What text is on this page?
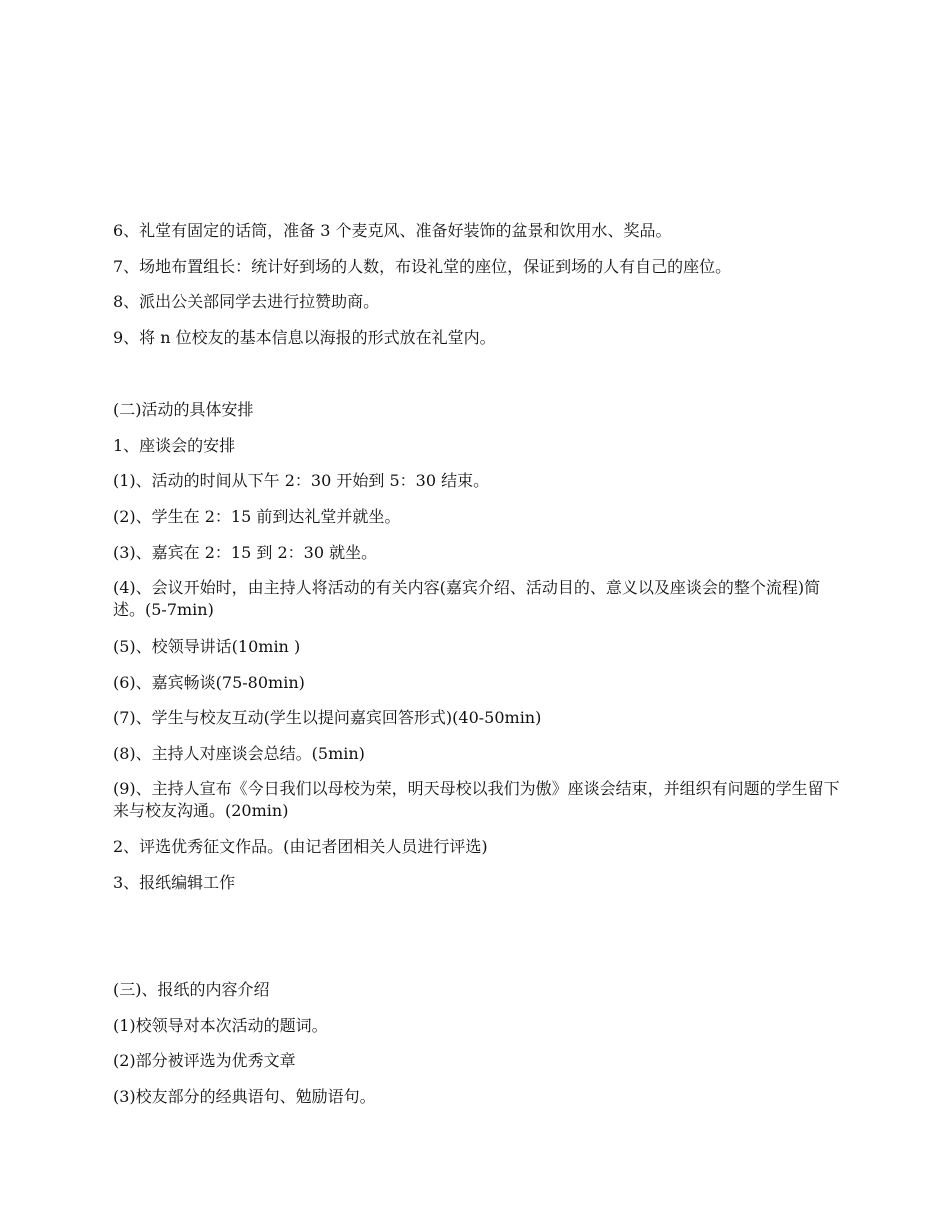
6、礼堂有固定的话筒，准备 3 个麦克风、准备好装饰的盆景和饮用水、奖品。
7、场地布置组长：统计好到场的人数，布设礼堂的座位，保证到场的人有自己的座位。
8、派出公关部同学去进行拉赞助商。
9、将 n 位校友的基本信息以海报的形式放在礼堂内。
(二)活动的具体安排
1、座谈会的安排
(1)、活动的时间从下午 2：30 开始到 5：30 结束。
(2)、学生在 2：15 前到达礼堂并就坐。
(3)、嘉宾在 2：15 到 2：30 就坐。
(4)、会议开始时，由主持人将活动的有关内容(嘉宾介绍、活动目的、意义以及座谈会的整个流程)简述。(5-7min)
(5)、校领导讲话(10min )
(6)、嘉宾畅谈(75-80min)
(7)、学生与校友互动(学生以提问嘉宾回答形式)(40-50min)
(8)、主持人对座谈会总结。(5min)
(9)、主持人宣布《今日我们以母校为荣，明天母校以我们为傲》座谈会结束，并组织有问题的学生留下来与校友沟通。(20min)
2、评选优秀征文作品。(由记者团相关人员进行评选)
3、报纸编辑工作
(三)、报纸的内容介绍
(1)校领导对本次活动的题词。
(2)部分被评选为优秀文章
(3)校友部分的经典语句、勉励语句。
